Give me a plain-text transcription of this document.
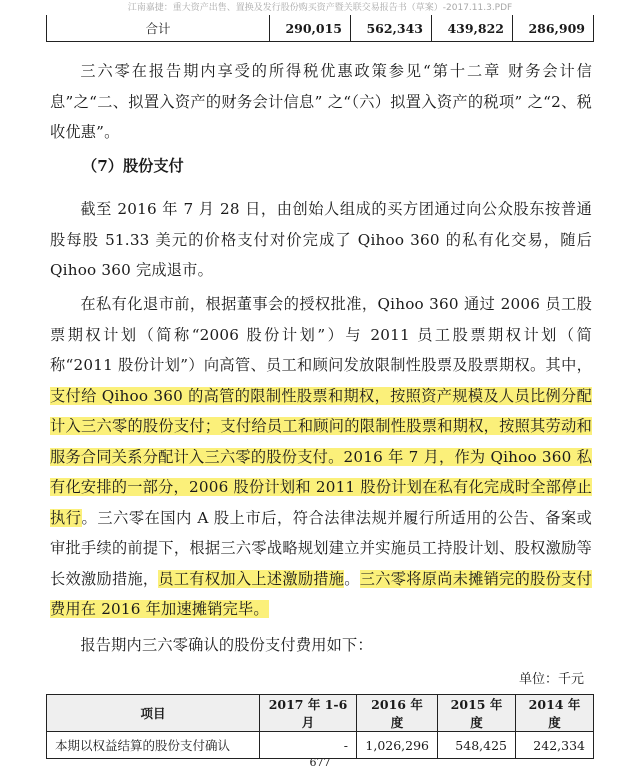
江南嘉捷：重大资产出售、置换及发行股份购买资产暨关联交易报告书（草案）-2017.11.3.PDF
合计	290,015	562,343	439,822	286,909

三六零在报告期内享受的所得税优惠政策参见“第十二章 财务会计信息”之“二、拟置入资产的财务会计信息” 之“（六）拟置入资产的税项” 之“2、税收优惠”。

（7）股份支付

截至 2016 年 7 月 28 日，由创始人组成的买方团通过向公众股东按普通股每股 51.33 美元的价格支付对价完成了 Qihoo 360 的私有化交易，随后 Qihoo 360 完成退市。

在私有化退市前，根据董事会的授权批准，Qihoo 360 通过 2006 员工股票期权计划（简称“2006 股份计划”）与 2011 员工股票期权计划（简称“2011 股份计划”）向高管、员工和顾问发放限制性股票及股票期权。其中，支付给 Qihoo 360 的高管的限制性股票和期权，按照资产规模及人员比例分配计入三六零的股份支付；支付给员工和顾问的限制性股票和期权，按照其劳动和服务合同关系分配计入三六零的股份支付。2016 年 7 月，作为 Qihoo 360 私有化安排的一部分，2006 股份计划和 2011 股份计划在私有化完成时全部停止执行。三六零在国内 A 股上市后，符合法律法规并履行所适用的公告、备案或审批手续的前提下，根据三六零战略规划建立并实施员工持股计划、股权激励等长效激励措施，员工有权加入上述激励措施。三六零将原尚未摊销完的股份支付费用在 2016 年加速摊销完毕。

报告期内三六零确认的股份支付费用如下：

单位：千元
项目	2017 年 1-6 月	2016 年度	2015 年度	2014 年度
本期以权益结算的股份支付确认	-	1,026,296	548,425	242,334
677
